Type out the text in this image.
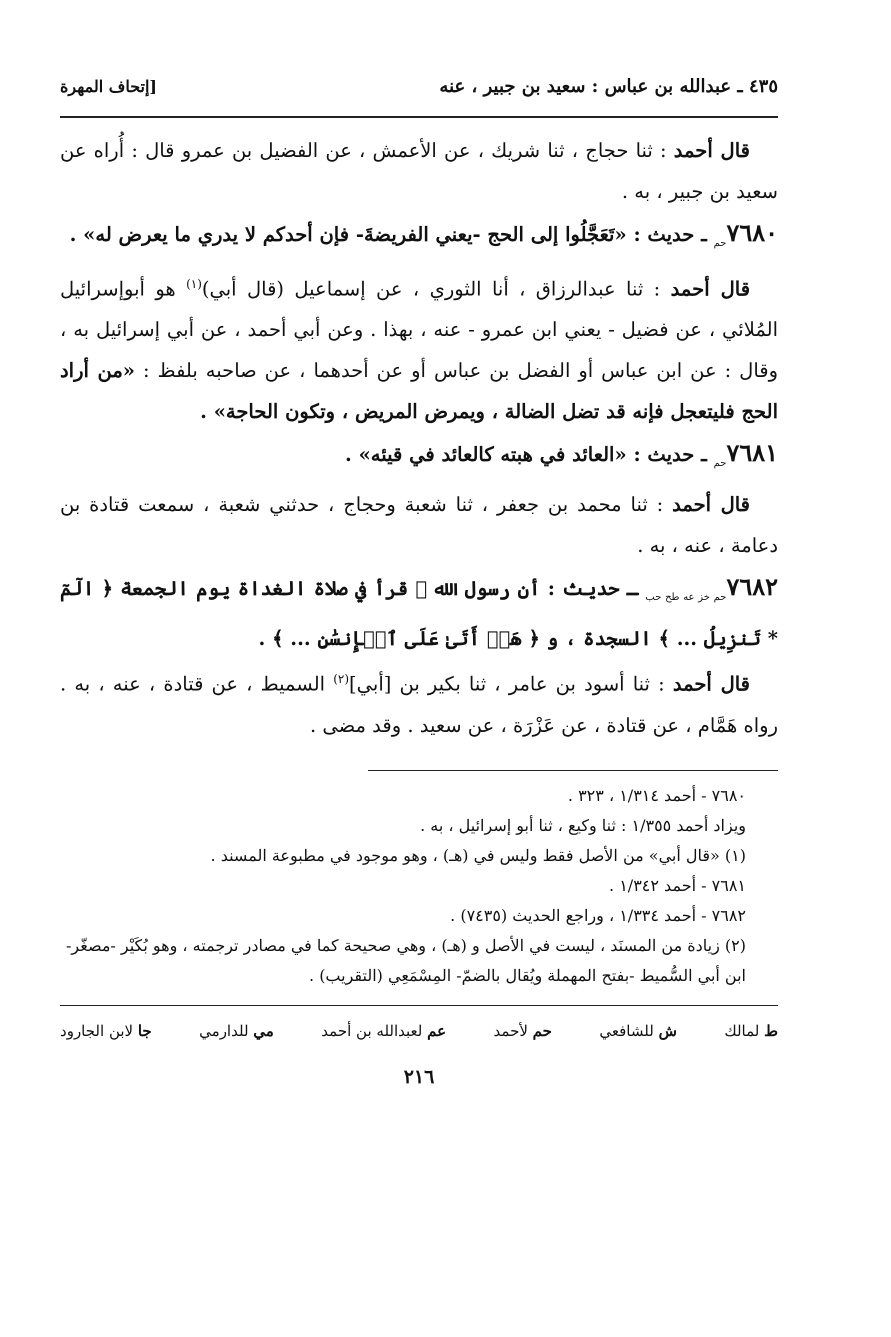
٤٣٥ ـ عبدالله بن عباس : سعيد بن جبير ، عنه
[إتحاف المهرة

قال أحمد : ثنا حجاج ، ثنا شريك ، عن الأعمش ، عن الفضيل بن عمرو قال : أُراه عن سعيد بن جبير ، به .

$٧٦٨٠_{حم}$ ـ حديث : «تَعَجَّلُوا إلى الحج -يعني الفريضةَ- فإن أحدكم لا يدري ما يعرض له» .

قال أحمد : ثنا عبدالرزاق ، أنا الثوري ، عن إسماعيل (قال أبي)$^{(١)}$ هو أبوإسرائيل المُلائي ، عن فضيل - يعني ابن عمرو - عنه ، بهذا . وعن أبي أحمد ، عن أبي إسرائيل به ، وقال : عن ابن عباس أو الفضل بن عباس أو عن أحدهما ، عن صاحبه بلفظ : «من أراد الحج فليتعجل فإنه قد تضل الضالة ، ويمرض المريض ، وتكون الحاجة» .

$٧٦٨١_{حم}$ ـ حديث : «العائد في هبته كالعائد في قيئه» .

قال أحمد : ثنا محمد بن جعفر ، ثنا شعبة وحجاج ، حدثني شعبة ، سمعت قتادة بن دعامة ، عنه ، به .

$٧٦٨٢_{حم خز عه طح حب}$ ـ حديث : أن رسول الله ﷺ قرأ في صلاة الغداة يوم الجمعة ﴿ الٓمٓ * تَنزِيلُ ... ﴾ السجدة ، و ﴿ هَلۡ أَتَىٰ عَلَى ٱلۡإِنسَٰنِ ... ﴾ .

قال أحمد : ثنا أسود بن عامر ، ثنا بكير بن [أبي]$^{(٢)}$ السميط ، عن قتادة ، عنه ، به . رواه هَمَّام ، عن قتادة ، عن عَزْرَة ، عن سعيد . وقد مضى .

٧٦٨٠ - أحمد ١/٣١٤ ، ٣٢٣ .

ويزاد أحمد ١/٣٥٥ : ثنا وكيع ، ثنا أبو إسرائيل ، به .

(١) «قال أبي» من الأصل فقط وليس في (هـ) ، وهو موجود في مطبوعة المسند .

٧٦٨١ - أحمد ١/٣٤٢ .

٧٦٨٢ - أحمد ١/٣٣٤ ، وراجع الحديث (٧٤٣٥) .

(٢) زيادة من المسنَد ، ليست في الأصل و (هـ) ، وهي صحيحة كما في مصادر ترجمته ، وهو بُكَيْر -مصغّر- ابن أبي السُّميط -بفتح المهملة ويُقال بالضمّ- المِسْمَعِي (التقريب) .

ط لمالك
ش للشافعي
حم لأحمد
عم لعبدالله بن أحمد
مي للدارمي
جا لابن الجارود
٢١٦
